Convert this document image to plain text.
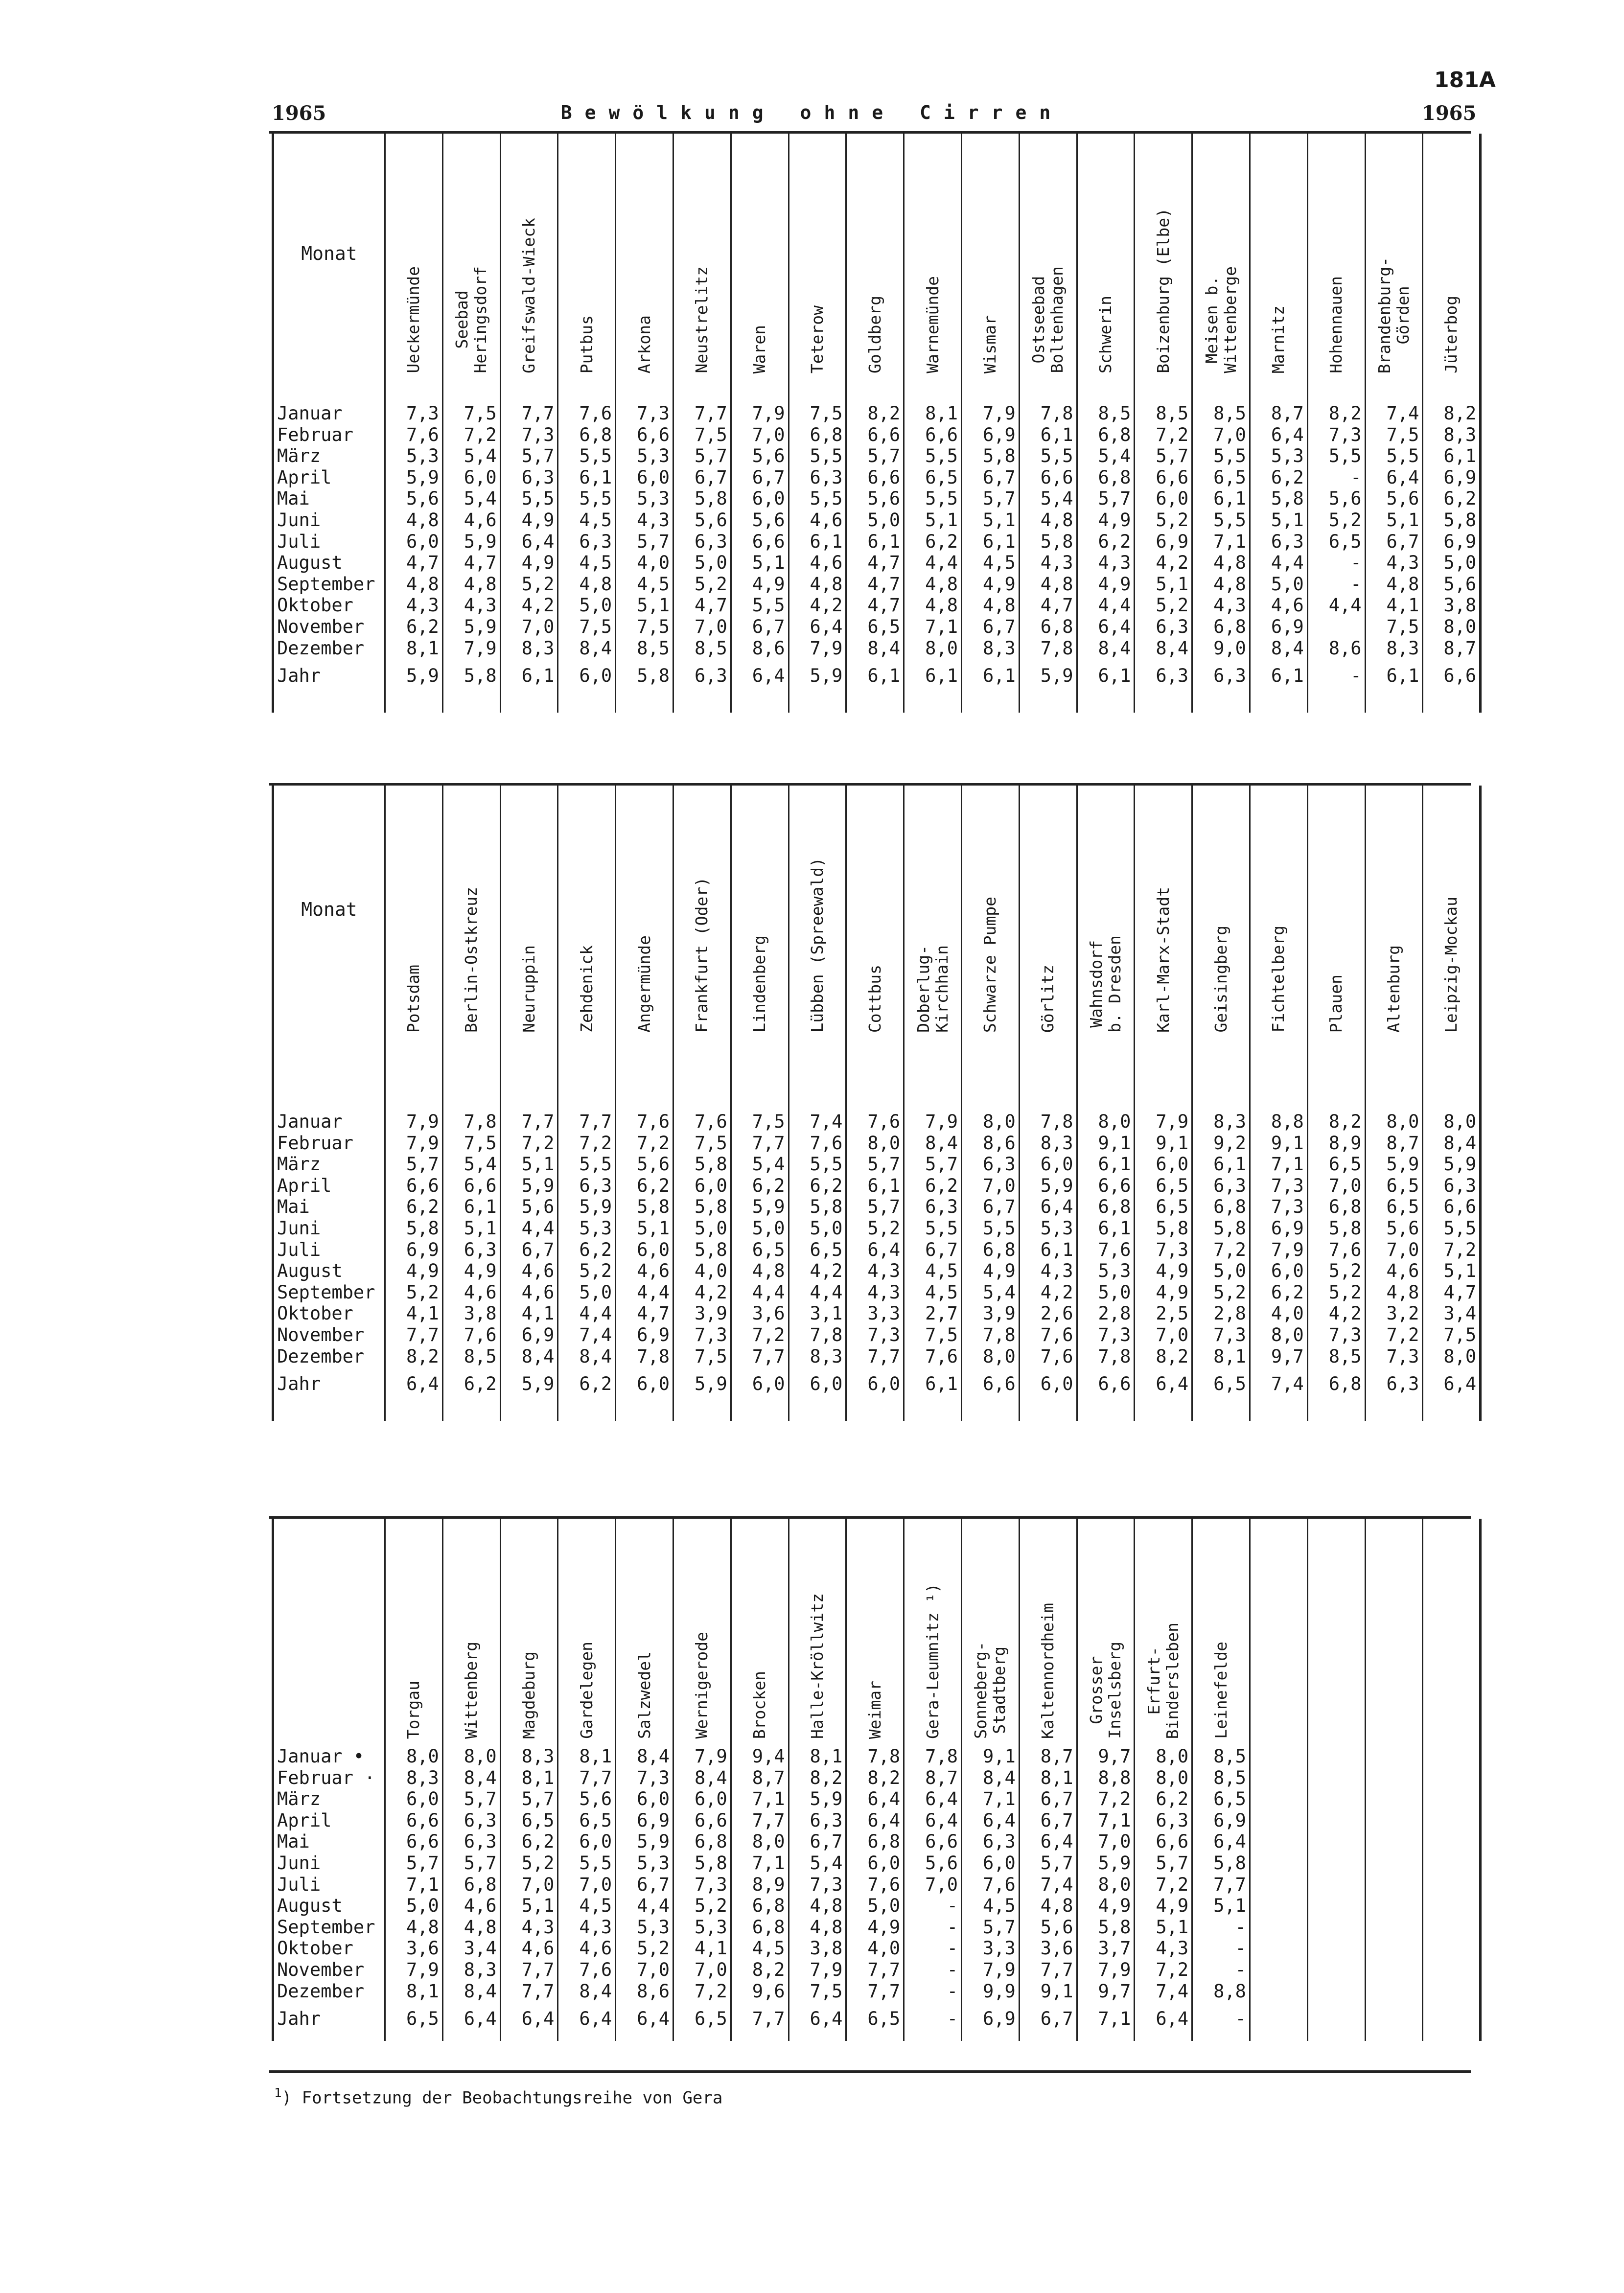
181A
1965	Bewölkung ohne Cirren	1965
Monat	Ueckermünde	Seebad
Heringsdorf	Greifswald-Wieck	Putbus	Arkona	Neustrelitz	Waren	Teterow	Goldberg	Warnemünde	Wismar	Ostseebad
Boltenhagen	Schwerin	Boizenburg (Elbe)	Meisen b.
Wittenberge	Marnitz	Hohennauen	Brandenburg-
Görden	Jüterbog

Januar	7,3	7,5	7,7	7,6	7,3	7,7	7,9	7,5	8,2	8,1	7,9	7,8	8,5	8,5	8,5	8,7	8,2	7,4	8,2
Februar	7,6	7,2	7,3	6,8	6,6	7,5	7,0	6,8	6,6	6,6	6,9	6,1	6,8	7,2	7,0	6,4	7,3	7,5	8,3
März	5,3	5,4	5,7	5,5	5,3	5,7	5,6	5,5	5,7	5,5	5,8	5,5	5,4	5,7	5,5	5,3	5,5	5,5	6,1
April	5,9	6,0	6,3	6,1	6,0	6,7	6,7	6,3	6,6	6,5	6,7	6,6	6,8	6,6	6,5	6,2	-	6,4	6,9
Mai	5,6	5,4	5,5	5,5	5,3	5,8	6,0	5,5	5,6	5,5	5,7	5,4	5,7	6,0	6,1	5,8	5,6	5,6	6,2
Juni	4,8	4,6	4,9	4,5	4,3	5,6	5,6	4,6	5,0	5,1	5,1	4,8	4,9	5,2	5,5	5,1	5,2	5,1	5,8
Juli	6,0	5,9	6,4	6,3	5,7	6,3	6,6	6,1	6,1	6,2	6,1	5,8	6,2	6,9	7,1	6,3	6,5	6,7	6,9
August	4,7	4,7	4,9	4,5	4,0	5,0	5,1	4,6	4,7	4,4	4,5	4,3	4,3	4,2	4,8	4,4	-	4,3	5,0
September	4,8	4,8	5,2	4,8	4,5	5,2	4,9	4,8	4,7	4,8	4,9	4,8	4,9	5,1	4,8	5,0	-	4,8	5,6
Oktober	4,3	4,3	4,2	5,0	5,1	4,7	5,5	4,2	4,7	4,8	4,8	4,7	4,4	5,2	4,3	4,6	4,4	4,1	3,8
November	6,2	5,9	7,0	7,5	7,5	7,0	6,7	6,4	6,5	7,1	6,7	6,8	6,4	6,3	6,8	6,9		7,5	8,0
Dezember	8,1	7,9	8,3	8,4	8,5	8,5	8,6	7,9	8,4	8,0	8,3	7,8	8,4	8,4	9,0	8,4	8,6	8,3	8,7
Jahr	5,9	5,8	6,1	6,0	5,8	6,3	6,4	5,9	6,1	6,1	6,1	5,9	6,1	6,3	6,3	6,1	-	6,1	6,6

Monat	Potsdam	Berlin-Ostkreuz	Neuruppin	Zehdenick	Angermünde	Frankfurt (Oder)	Lindenberg	Lübben (Spreewald)	Cottbus	Doberlug-
Kirchhain	Schwarze Pumpe	Görlitz	Wahnsdorf
b. Dresden	Karl-Marx-Stadt	Geisingberg	Fichtelberg	Plauen	Altenburg	Leipzig-Mockau

Januar	7,9	7,8	7,7	7,7	7,6	7,6	7,5	7,4	7,6	7,9	8,0	7,8	8,0	7,9	8,3	8,8	8,2	8,0	8,0
Februar	7,9	7,5	7,2	7,2	7,2	7,5	7,7	7,6	8,0	8,4	8,6	8,3	9,1	9,1	9,2	9,1	8,9	8,7	8,4
März	5,7	5,4	5,1	5,5	5,6	5,8	5,4	5,5	5,7	5,7	6,3	6,0	6,1	6,0	6,1	7,1	6,5	5,9	5,9
April	6,6	6,6	5,9	6,3	6,2	6,0	6,2	6,2	6,1	6,2	7,0	5,9	6,6	6,5	6,3	7,3	7,0	6,5	6,3
Mai	6,2	6,1	5,6	5,9	5,8	5,8	5,9	5,8	5,7	6,3	6,7	6,4	6,8	6,5	6,8	7,3	6,8	6,5	6,6
Juni	5,8	5,1	4,4	5,3	5,1	5,0	5,0	5,0	5,2	5,5	5,5	5,3	6,1	5,8	5,8	6,9	5,8	5,6	5,5
Juli	6,9	6,3	6,7	6,2	6,0	5,8	6,5	6,5	6,4	6,7	6,8	6,1	7,6	7,3	7,2	7,9	7,6	7,0	7,2
August	4,9	4,9	4,6	5,2	4,6	4,0	4,8	4,2	4,3	4,5	4,9	4,3	5,3	4,9	5,0	6,0	5,2	4,6	5,1
September	5,2	4,6	4,6	5,0	4,4	4,2	4,4	4,4	4,3	4,5	5,4	4,2	5,0	4,9	5,2	6,2	5,2	4,8	4,7
Oktober	4,1	3,8	4,1	4,4	4,7	3,9	3,6	3,1	3,3	2,7	3,9	2,6	2,8	2,5	2,8	4,0	4,2	3,2	3,4
November	7,7	7,6	6,9	7,4	6,9	7,3	7,2	7,8	7,3	7,5	7,8	7,6	7,3	7,0	7,3	8,0	7,3	7,2	7,5
Dezember	8,2	8,5	8,4	8,4	7,8	7,5	7,7	8,3	7,7	7,6	8,0	7,6	7,8	8,2	8,1	9,7	8,5	7,3	8,0
Jahr	6,4	6,2	5,9	6,2	6,0	5,9	6,0	6,0	6,0	6,1	6,6	6,0	6,6	6,4	6,5	7,4	6,8	6,3	6,4

	Torgau	Wittenberg	Magdeburg	Gardelegen	Salzwedel	Wernigerode	Brocken	Halle-Kröllwitz	Weimar	Gera-Leumnitz ¹)	Sonneberg-
Stadtberg	Kaltennordheim	Grosser
Inselsberg	Erfurt-
Bindersleben	Leinefelde				

Januar •	8,0	8,0	8,3	8,1	8,4	7,9	9,4	8,1	7,8	7,8	9,1	8,7	9,7	8,0	8,5				
Februar ·	8,3	8,4	8,1	7,7	7,3	8,4	8,7	8,2	8,2	8,7	8,4	8,1	8,8	8,0	8,5				
März	6,0	5,7	5,7	5,6	6,0	6,0	7,1	5,9	6,4	6,4	7,1	6,7	7,2	6,2	6,5				
April	6,6	6,3	6,5	6,5	6,9	6,6	7,7	6,3	6,4	6,4	6,4	6,7	7,1	6,3	6,9				
Mai	6,6	6,3	6,2	6,0	5,9	6,8	8,0	6,7	6,8	6,6	6,3	6,4	7,0	6,6	6,4				
Juni	5,7	5,7	5,2	5,5	5,3	5,8	7,1	5,4	6,0	5,6	6,0	5,7	5,9	5,7	5,8				
Juli	7,1	6,8	7,0	7,0	6,7	7,3	8,9	7,3	7,6	7,0	7,6	7,4	8,0	7,2	7,7				
August	5,0	4,6	5,1	4,5	4,4	5,2	6,8	4,8	5,0	-	4,5	4,8	4,9	4,9	5,1				
September	4,8	4,8	4,3	4,3	5,3	5,3	6,8	4,8	4,9	-	5,7	5,6	5,8	5,1	-				
Oktober	3,6	3,4	4,6	4,6	5,2	4,1	4,5	3,8	4,0	-	3,3	3,6	3,7	4,3	-				
November	7,9	8,3	7,7	7,6	7,0	7,0	8,2	7,9	7,7	-	7,9	7,7	7,9	7,2	-				
Dezember	8,1	8,4	7,7	8,4	8,6	7,2	9,6	7,5	7,7	-	9,9	9,1	9,7	7,4	8,8				
Jahr	6,5	6,4	6,4	6,4	6,4	6,5	7,7	6,4	6,5	-	6,9	6,7	7,1	6,4	-				

$^1$) Fortsetzung der Beobachtungsreihe von Gera
